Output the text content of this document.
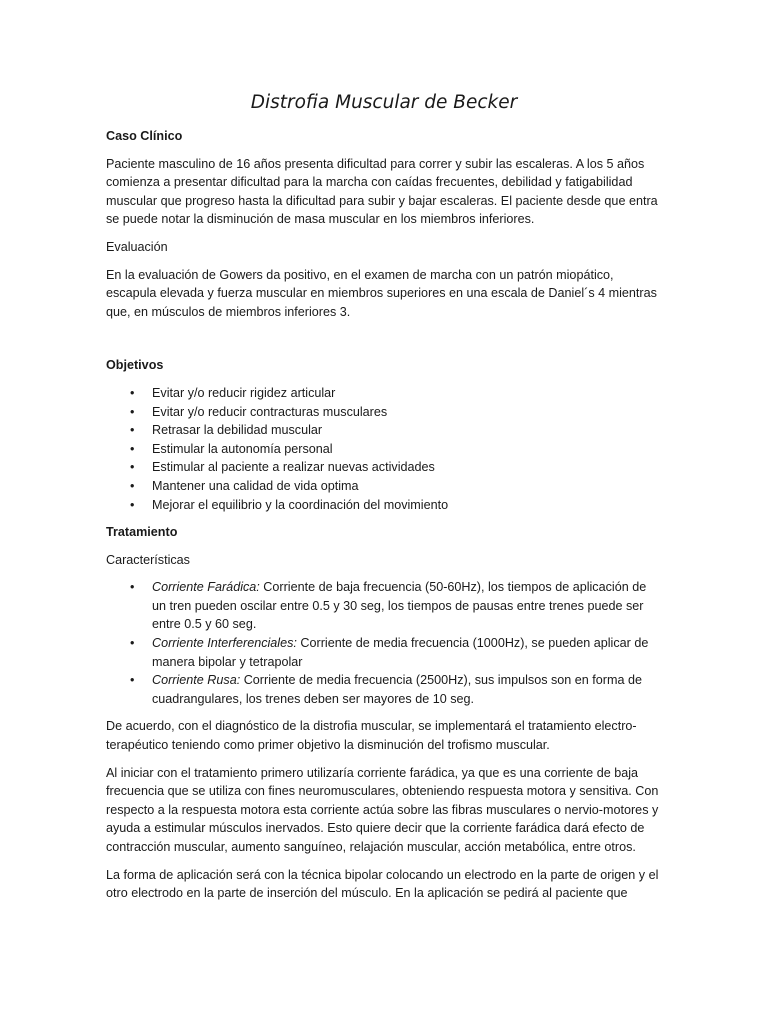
Distrofia Muscular de Becker
Caso Clínico

Paciente masculino de 16 años presenta dificultad para correr y subir las escaleras. A los 5 años comienza a presentar dificultad para la marcha con caídas frecuentes, debilidad y fatigabilidad muscular que progreso hasta la dificultad para subir y bajar escaleras. El paciente desde que entra se puede notar la disminución de masa muscular en los miembros inferiores.

Evaluación

En la evaluación de Gowers da positivo, en el examen de marcha con un patrón miopático, escapula elevada y fuerza muscular en miembros superiores en una escala de Daniel´s 4 mientras que, en músculos de miembros inferiores 3.

Objetivos
• Evitar y/o reducir rigidez articular
• Evitar y/o reducir contracturas musculares
• Retrasar la debilidad muscular
• Estimular la autonomía personal
• Estimular al paciente a realizar nuevas actividades
• Mantener una calidad de vida optima
• Mejorar el equilibrio y la coordinación del movimiento
Tratamiento
Características
• Corriente Farádica: Corriente de baja frecuencia (50-60Hz), los tiempos de aplicación de un tren pueden oscilar entre 0.5 y 30 seg, los tiempos de pausas entre trenes puede ser entre 0.5 y 60 seg.
• Corriente Interferenciales: Corriente de media frecuencia (1000Hz), se pueden aplicar de manera bipolar y tetrapolar
• Corriente Rusa: Corriente de media frecuencia (2500Hz), sus impulsos son en forma de cuadrangulares, los trenes deben ser mayores de 10 seg.

De acuerdo, con el diagnóstico de la distrofia muscular, se implementará el tratamiento electro-terapéutico teniendo como primer objetivo la disminución del trofismo muscular.

Al iniciar con el tratamiento primero utilizaría corriente farádica, ya que es una corriente de baja frecuencia que se utiliza con fines neuromusculares, obteniendo respuesta motora y sensitiva. Con respecto a la respuesta motora esta corriente actúa sobre las fibras musculares o nervio-motores y ayuda a estimular músculos inervados. Esto quiere decir que la corriente farádica dará efecto de contracción muscular, aumento sanguíneo, relajación muscular, acción metabólica, entre otros.

La forma de aplicación será con la técnica bipolar colocando un electrodo en la parte de origen y el otro electrodo en la parte de inserción del músculo. En la aplicación se pedirá al paciente que
